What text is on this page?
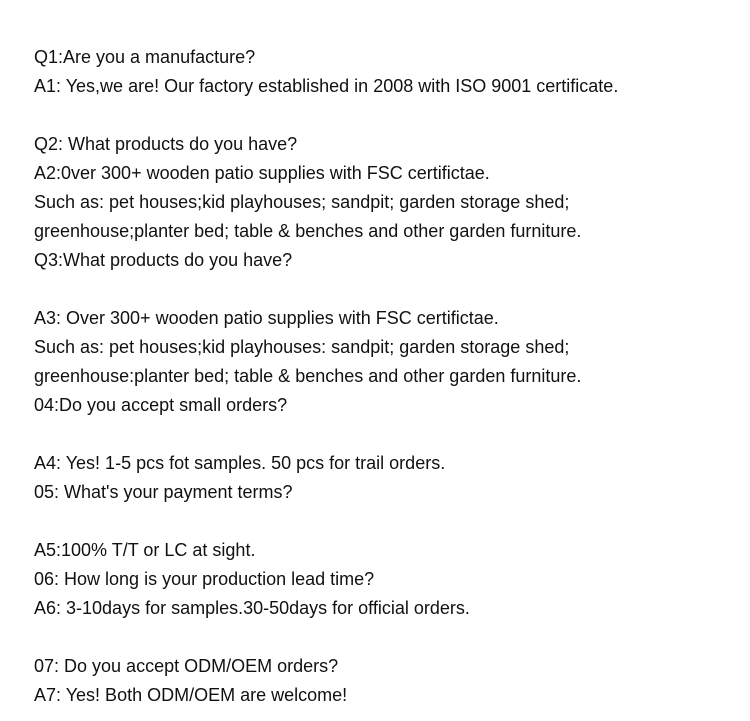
Q1:Are you a manufacture?
A1: Yes,we are! Our factory established in 2008 with ISO 9001 certificate.
Q2: What products do you have?
A2:0ver 300+ wooden patio supplies with FSC certifictae.
Such as: pet houses;kid playhouses; sandpit; garden storage shed;
greenhouse;planter bed; table & benches and other garden furniture.
Q3:What products do you have?
A3: Over 300+ wooden patio supplies with FSC certifictae.
Such as: pet houses;kid playhouses: sandpit; garden storage shed;
greenhouse:planter bed; table & benches and other garden furniture.
04:Do you accept small orders?
A4: Yes! 1-5 pcs fot samples. 50 pcs for trail orders.
05: What's your payment terms?
A5:100% T/T or LC at sight.
06: How long is your production lead time?
A6: 3-10days for samples.30-50days for official orders.
07: Do you accept ODM/OEM orders?
A7: Yes! Both ODM/OEM are welcome!
